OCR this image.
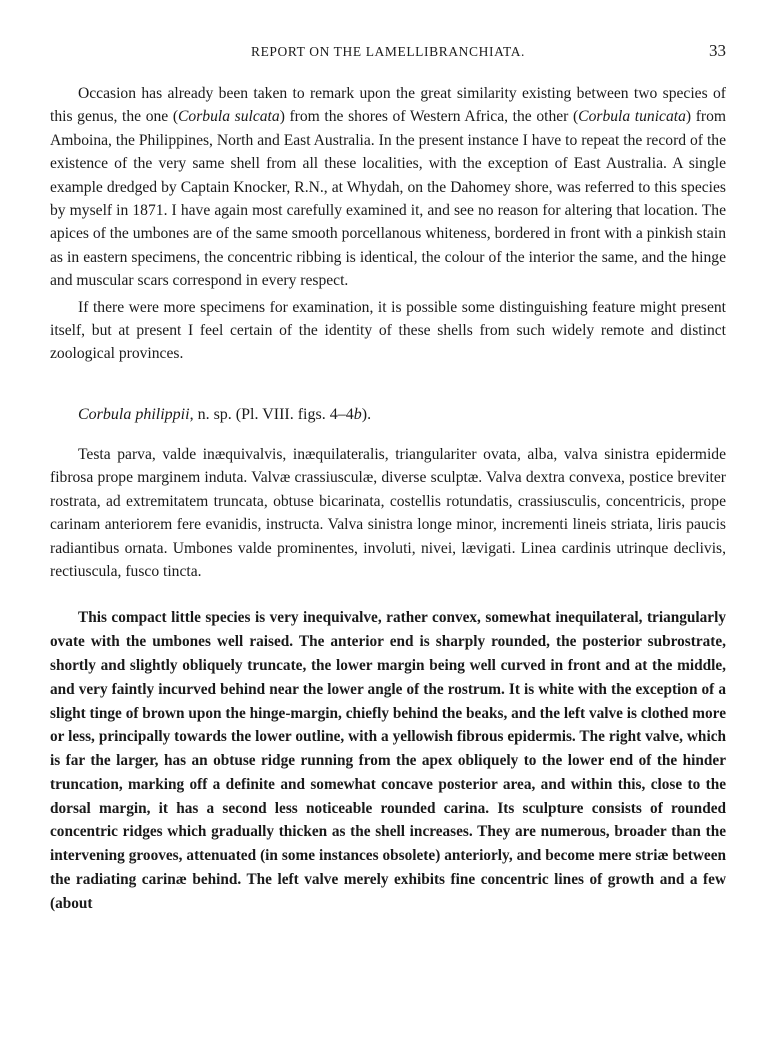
REPORT ON THE LAMELLIBRANCHIATA.	33

Occasion has already been taken to remark upon the great similarity existing between two species of this genus, the one (Corbula sulcata) from the shores of Western Africa, the other (Corbula tunicata) from Amboina, the Philippines, North and East Australia. In the present instance I have to repeat the record of the existence of the very same shell from all these localities, with the exception of East Australia. A single example dredged by Captain Knocker, R.N., at Whydah, on the Dahomey shore, was referred to this species by myself in 1871. I have again most carefully examined it, and see no reason for altering that location. The apices of the umbones are of the same smooth porcellanous whiteness, bordered in front with a pinkish stain as in eastern specimens, the concentric ribbing is identical, the colour of the interior the same, and the hinge and muscular scars correspond in every respect.

If there were more specimens for examination, it is possible some distinguishing feature might present itself, but at present I feel certain of the identity of these shells from such widely remote and distinct zoological provinces.

Corbula philippii, n. sp. (Pl. VIII. figs. 4–4b).

Testa parva, valde inæquivalvis, inæquilateralis, triangulariter ovata, alba, valva sinistra epidermide fibrosa prope marginem induta. Valvæ crassiusculæ, diverse sculptæ. Valva dextra convexa, postice breviter rostrata, ad extremitatem truncata, obtuse bicarinata, costellis rotundatis, crassiusculis, concentricis, prope carinam anteriorem fere evanidis, instructa. Valva sinistra longe minor, incrementi lineis striata, liris paucis radiantibus ornata. Umbones valde prominentes, involuti, nivei, lævigati. Linea cardinis utrinque declivis, rectiuscula, fusco tincta.

This compact little species is very inequivalve, rather convex, somewhat inequilateral, triangularly ovate with the umbones well raised. The anterior end is sharply rounded, the posterior subrostrate, shortly and slightly obliquely truncate, the lower margin being well curved in front and at the middle, and very faintly incurved behind near the lower angle of the rostrum. It is white with the exception of a slight tinge of brown upon the hinge-margin, chiefly behind the beaks, and the left valve is clothed more or less, principally towards the lower outline, with a yellowish fibrous epidermis. The right valve, which is far the larger, has an obtuse ridge running from the apex obliquely to the lower end of the hinder truncation, marking off a definite and somewhat concave posterior area, and within this, close to the dorsal margin, it has a second less noticeable rounded carina. Its sculpture consists of rounded concentric ridges which gradually thicken as the shell increases. They are numerous, broader than the intervening grooves, attenuated (in some instances obsolete) anteriorly, and become mere striæ between the radiating carinæ behind. The left valve merely exhibits fine concentric lines of growth and a few (about
